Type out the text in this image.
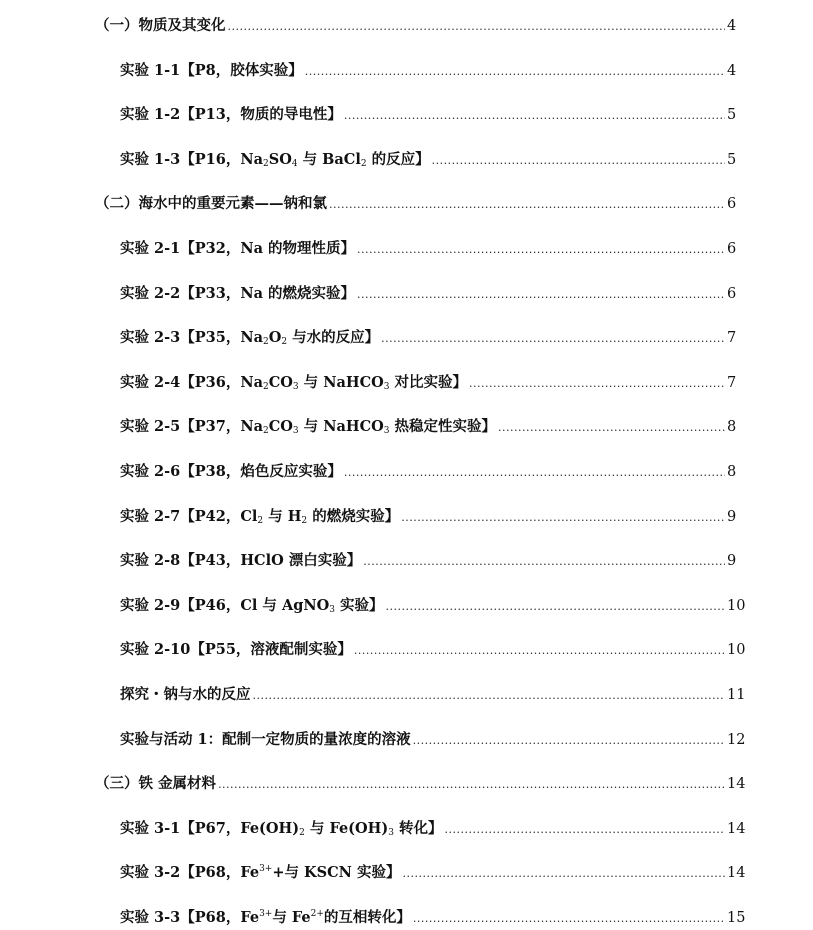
（一）物质及其变化 .....	4
实验 1-1【P8，胶体实验】 .....	4
实验 1-2【P13，物质的导电性】 .....	5
实验 1-3【P16，$Na_2SO_4$ 与 BaCl$_2$ 的反应】 .....	5
（二）海水中的重要元素——钠和氯 .....	6
实验 2-1【P32，Na 的物理性质】 .....	6
实验 2-2【P33，Na 的燃烧实验】 .....	6
实验 2-3【P35，$Na_2O_2$ 与水的反应】 .....	7
实验 2-4【P36，$Na_2CO_3$ 与 NaHCO$_3$ 对比实验】 .....	7
实验 2-5【P37，$Na_2CO_3$ 与 NaHCO$_3$ 热稳定性实验】 .....	8
实验 2-6【P38，焰色反应实验】 .....	8
实验 2-7【P42，$Cl_2$ 与 $H_2$ 的燃烧实验】 .....	9
实验 2-8【P43，HClO 漂白实验】 .....	9
实验 2-9【P46，Cl 与 AgNO$_3$ 实验】 .....	10
实验 2-10【P55，溶液配制实验】 .....	10
探究・钠与水的反应 .....	11
实验与活动 1：配制一定物质的量浓度的溶液 .....	12
（三）铁 金属材料 .....	14
实验 3-1【P67，$Fe(OH)_2$ 与 $Fe(OH)_3$ 转化】 .....	14
实验 3-2【P68，$Fe^{3+}+$与 KSCN 实验】 .....	14
实验 3-3【P68，$Fe^{3+}$与 $Fe^{2+}$的互相转化】 .....	15
